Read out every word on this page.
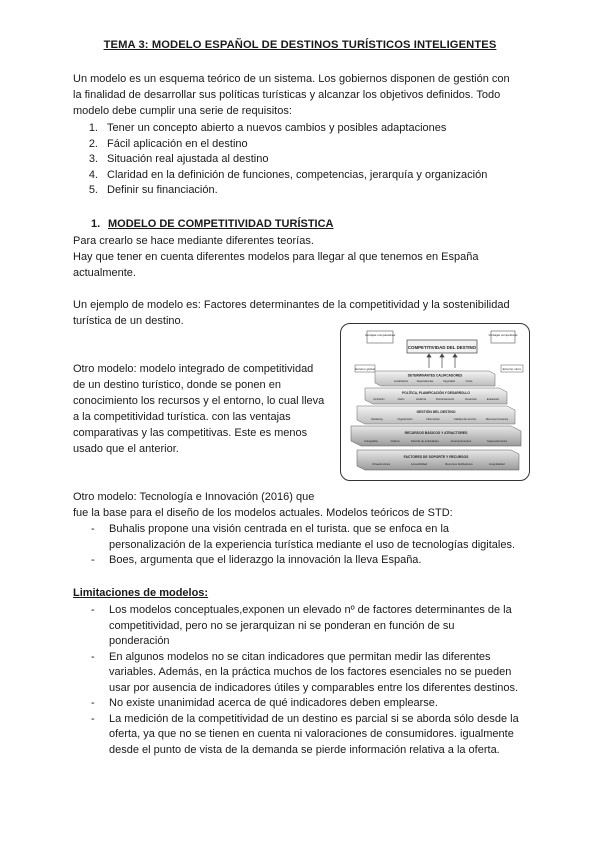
TEMA 3: MODELO ESPAÑOL DE DESTINOS TURÍSTICOS INTELIGENTES

Un modelo es un esquema teórico de un sistema. Los gobiernos disponen de gestión con

la finalidad de desarrollar sus políticas turísticas y alcanzar los objetivos definidos. Todo

modelo debe cumplir una serie de requisitos:

1. Tener un concepto abierto a nuevos cambios y posibles adaptaciones
2. Fácil aplicación en el destino
3. Situación real ajustada al destino
4. Claridad en la definición de funciones, competencias, jerarquía y organización
5. Definir su financiación.
1. MODELO DE COMPETITIVIDAD TURÍSTICA

Para crearlo se hace mediante diferentes teorías.

Hay que tener en cuenta diferentes modelos para llegar al que tenemos en España

actualmente.

Un ejemplo de modelo es: Factores determinantes de la competitividad y la sostenibilidad

turística de un destino.

Otro modelo: modelo integrado de competitividad

de un destino turístico, donde se ponen en

conocimiento los recursos y el entorno, lo cual lleva

a la competitividad turística. con las ventajas

comparativas y las competitivas. Este es menos

usado que el anterior.

Ventajas comparativas	Ventajas competitivas
COMPETITIVIDAD DEL DESTINO
Entorno global	Entorno micro
DETERMINANTES CALIFICADORES
Localización	Dependencias	Seguridad	Coste
POLÍTICA, PLANIFICACIÓN Y DESARROLLO
Definición	Visión	Auditoría	Posicionamiento	Desarrollo	Evaluación
GESTIÓN DEL DESTINO
Marketing	Organización	Información	Calidad del servicio	Recursos humanos
RECURSOS BÁSICOS Y ATRACTORES
Fisiografía	Cultura	Mezcla de actividades	Acontecimientos	Superestructura
FACTORES DE SOPORTE Y RECURSOS
Infraestructura	Accesibilidad	Recursos facilitadores	Hospitalidad

Otro modelo: Tecnología e Innovación (2016) que

fue la base para el diseño de los modelos actuales. Modelos teóricos de STD:

- Buhalis propone una visión centrada en el turista. que se enfoca en la
personalización de la experiencia turística mediante el uso de tecnologías digitales.
- Boes, argumenta que el liderazgo la innovación la lleva España.
Limitaciones de modelos:
- Los modelos conceptuales,exponen un elevado nº de factores determinantes de la
competitividad, pero no se jerarquizan ni se ponderan en función de su
ponderación
- En algunos modelos no se citan indicadores que permitan medir las diferentes
variables. Además, en la práctica muchos de los factores esenciales no se pueden
usar por ausencia de indicadores útiles y comparables entre los diferentes destinos.
- No existe unanimidad acerca de qué indicadores deben emplearse.
- La medición de la competitividad de un destino es parcial si se aborda sólo desde la
oferta, ya que no se tienen en cuenta ni valoraciones de consumidores. igualmente
desde el punto de vista de la demanda se pierde información relativa a la oferta.
